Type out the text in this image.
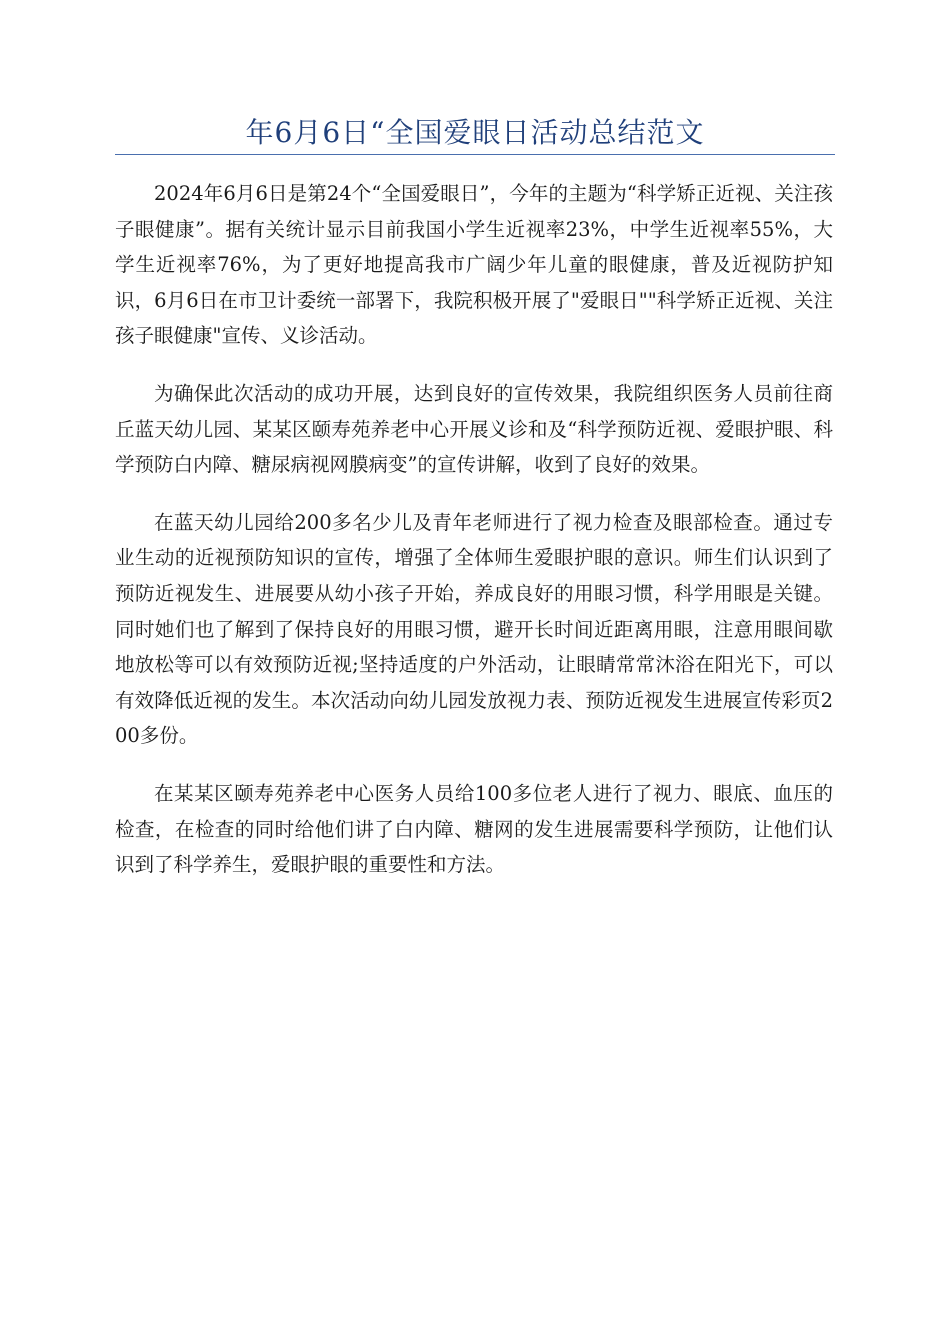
年6月6日“全国爱眼日活动总结范文

2024年6月6日是第24个“全国爱眼日”，今年的主题为“科学矫正近视、关注孩子眼健康”。据有关统计显示目前我国小学生近视率23%，中学生近视率55%，大学生近视率76%，为了更好地提高我市广阔少年儿童的眼健康，普及近视防护知识，6月6日在市卫计委统一部署下，我院积极开展了"爱眼日""科学矫正近视、关注孩子眼健康"宣传、义诊活动。

为确保此次活动的成功开展，达到良好的宣传效果，我院组织医务人员前往商丘蓝天幼儿园、某某区颐寿苑养老中心开展义诊和及“科学预防近视、爱眼护眼、科学预防白内障、糖尿病视网膜病变”的宣传讲解，收到了良好的效果。

在蓝天幼儿园给200多名少儿及青年老师进行了视力检查及眼部检查。通过专业生动的近视预防知识的宣传，增强了全体师生爱眼护眼的意识。师生们认识到了预防近视发生、进展要从幼小孩子开始，养成良好的用眼习惯，科学用眼是关键。同时她们也了解到了保持良好的用眼习惯，避开长时间近距离用眼，注意用眼间歇地放松等可以有效预防近视;坚持适度的户外活动，让眼睛常常沐浴在阳光下，可以有效降低近视的发生。本次活动向幼儿园发放视力表、预防近视发生进展宣传彩页200多份。

在某某区颐寿苑养老中心医务人员给100多位老人进行了视力、眼底、血压的检查，在检查的同时给他们讲了白内障、糖网的发生进展需要科学预防，让他们认识到了科学养生，爱眼护眼的重要性和方法。
